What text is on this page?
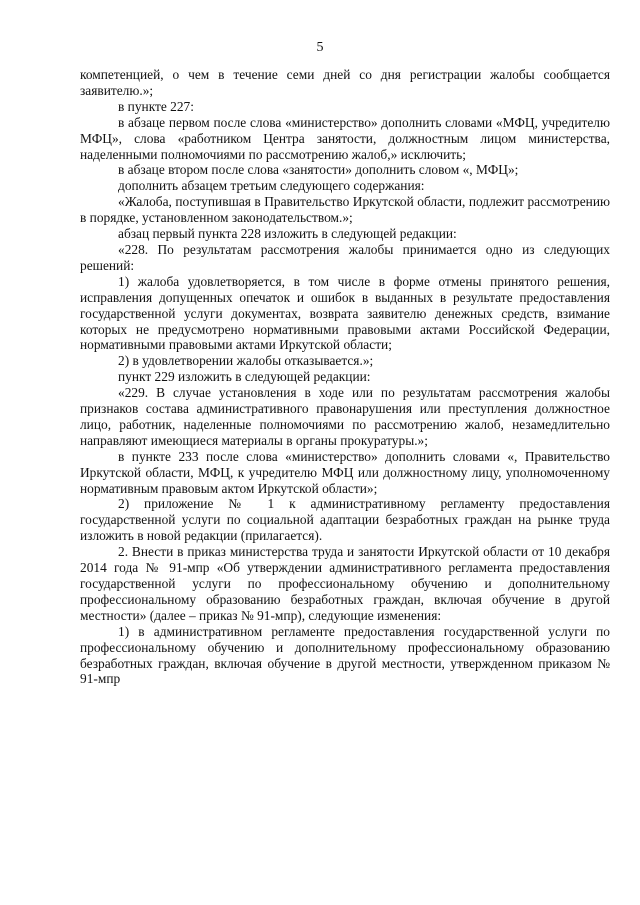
5

компетенцией, о чем в течение семи дней со дня регистрации жалобы сообщается заявителю.»;

в пункте 227:

в абзаце первом после слова «министерство» дополнить словами «МФЦ, учредителю МФЦ», слова «работником Центра занятости, должностным лицом министерства, наделенными полномочиями по рассмотрению жалоб,» исключить;

в абзаце втором после слова «занятости» дополнить словом «, МФЦ»;

дополнить абзацем третьим следующего содержания:

«Жалоба, поступившая в Правительство Иркутской области, подлежит рассмотрению в порядке, установленном законодательством.»;

абзац первый пункта 228 изложить в следующей редакции:

«228. По результатам рассмотрения жалобы принимается одно из следующих решений:

1) жалоба удовлетворяется, в том числе в форме отмены принятого решения, исправления допущенных опечаток и ошибок в выданных в результате предоставления государственной услуги документах, возврата заявителю денежных средств, взимание которых не предусмотрено нормативными правовыми актами Российской Федерации, нормативными правовыми актами Иркутской области;

2) в удовлетворении жалобы отказывается.»;

пункт 229 изложить в следующей редакции:

«229. В случае установления в ходе или по результатам рассмотрения жалобы признаков состава административного правонарушения или преступления должностное лицо, работник, наделенные полномочиями по рассмотрению жалоб, незамедлительно направляют имеющиеся материалы в органы прокуратуры.»;

в пункте 233 после слова «министерство» дополнить словами «, Правительство Иркутской области, МФЦ, к учредителю МФЦ или должностному лицу, уполномоченному нормативным правовым актом Иркутской области»;

2) приложение № 1 к административному регламенту предоставления государственной услуги по социальной адаптации безработных граждан на рынке труда изложить в новой редакции (прилагается).

2. Внести в приказ министерства труда и занятости Иркутской области от 10 декабря 2014 года № 91-мпр «Об утверждении административного регламента предоставления государственной услуги по профессиональному обучению и дополнительному профессиональному образованию безработных граждан, включая обучение в другой местности» (далее – приказ № 91-мпр), следующие изменения:

1) в административном регламенте предоставления государственной услуги по профессиональному обучению и дополнительному профессиональному образованию безработных граждан, включая обучение в другой местности, утвержденном приказом № 91-мпр
